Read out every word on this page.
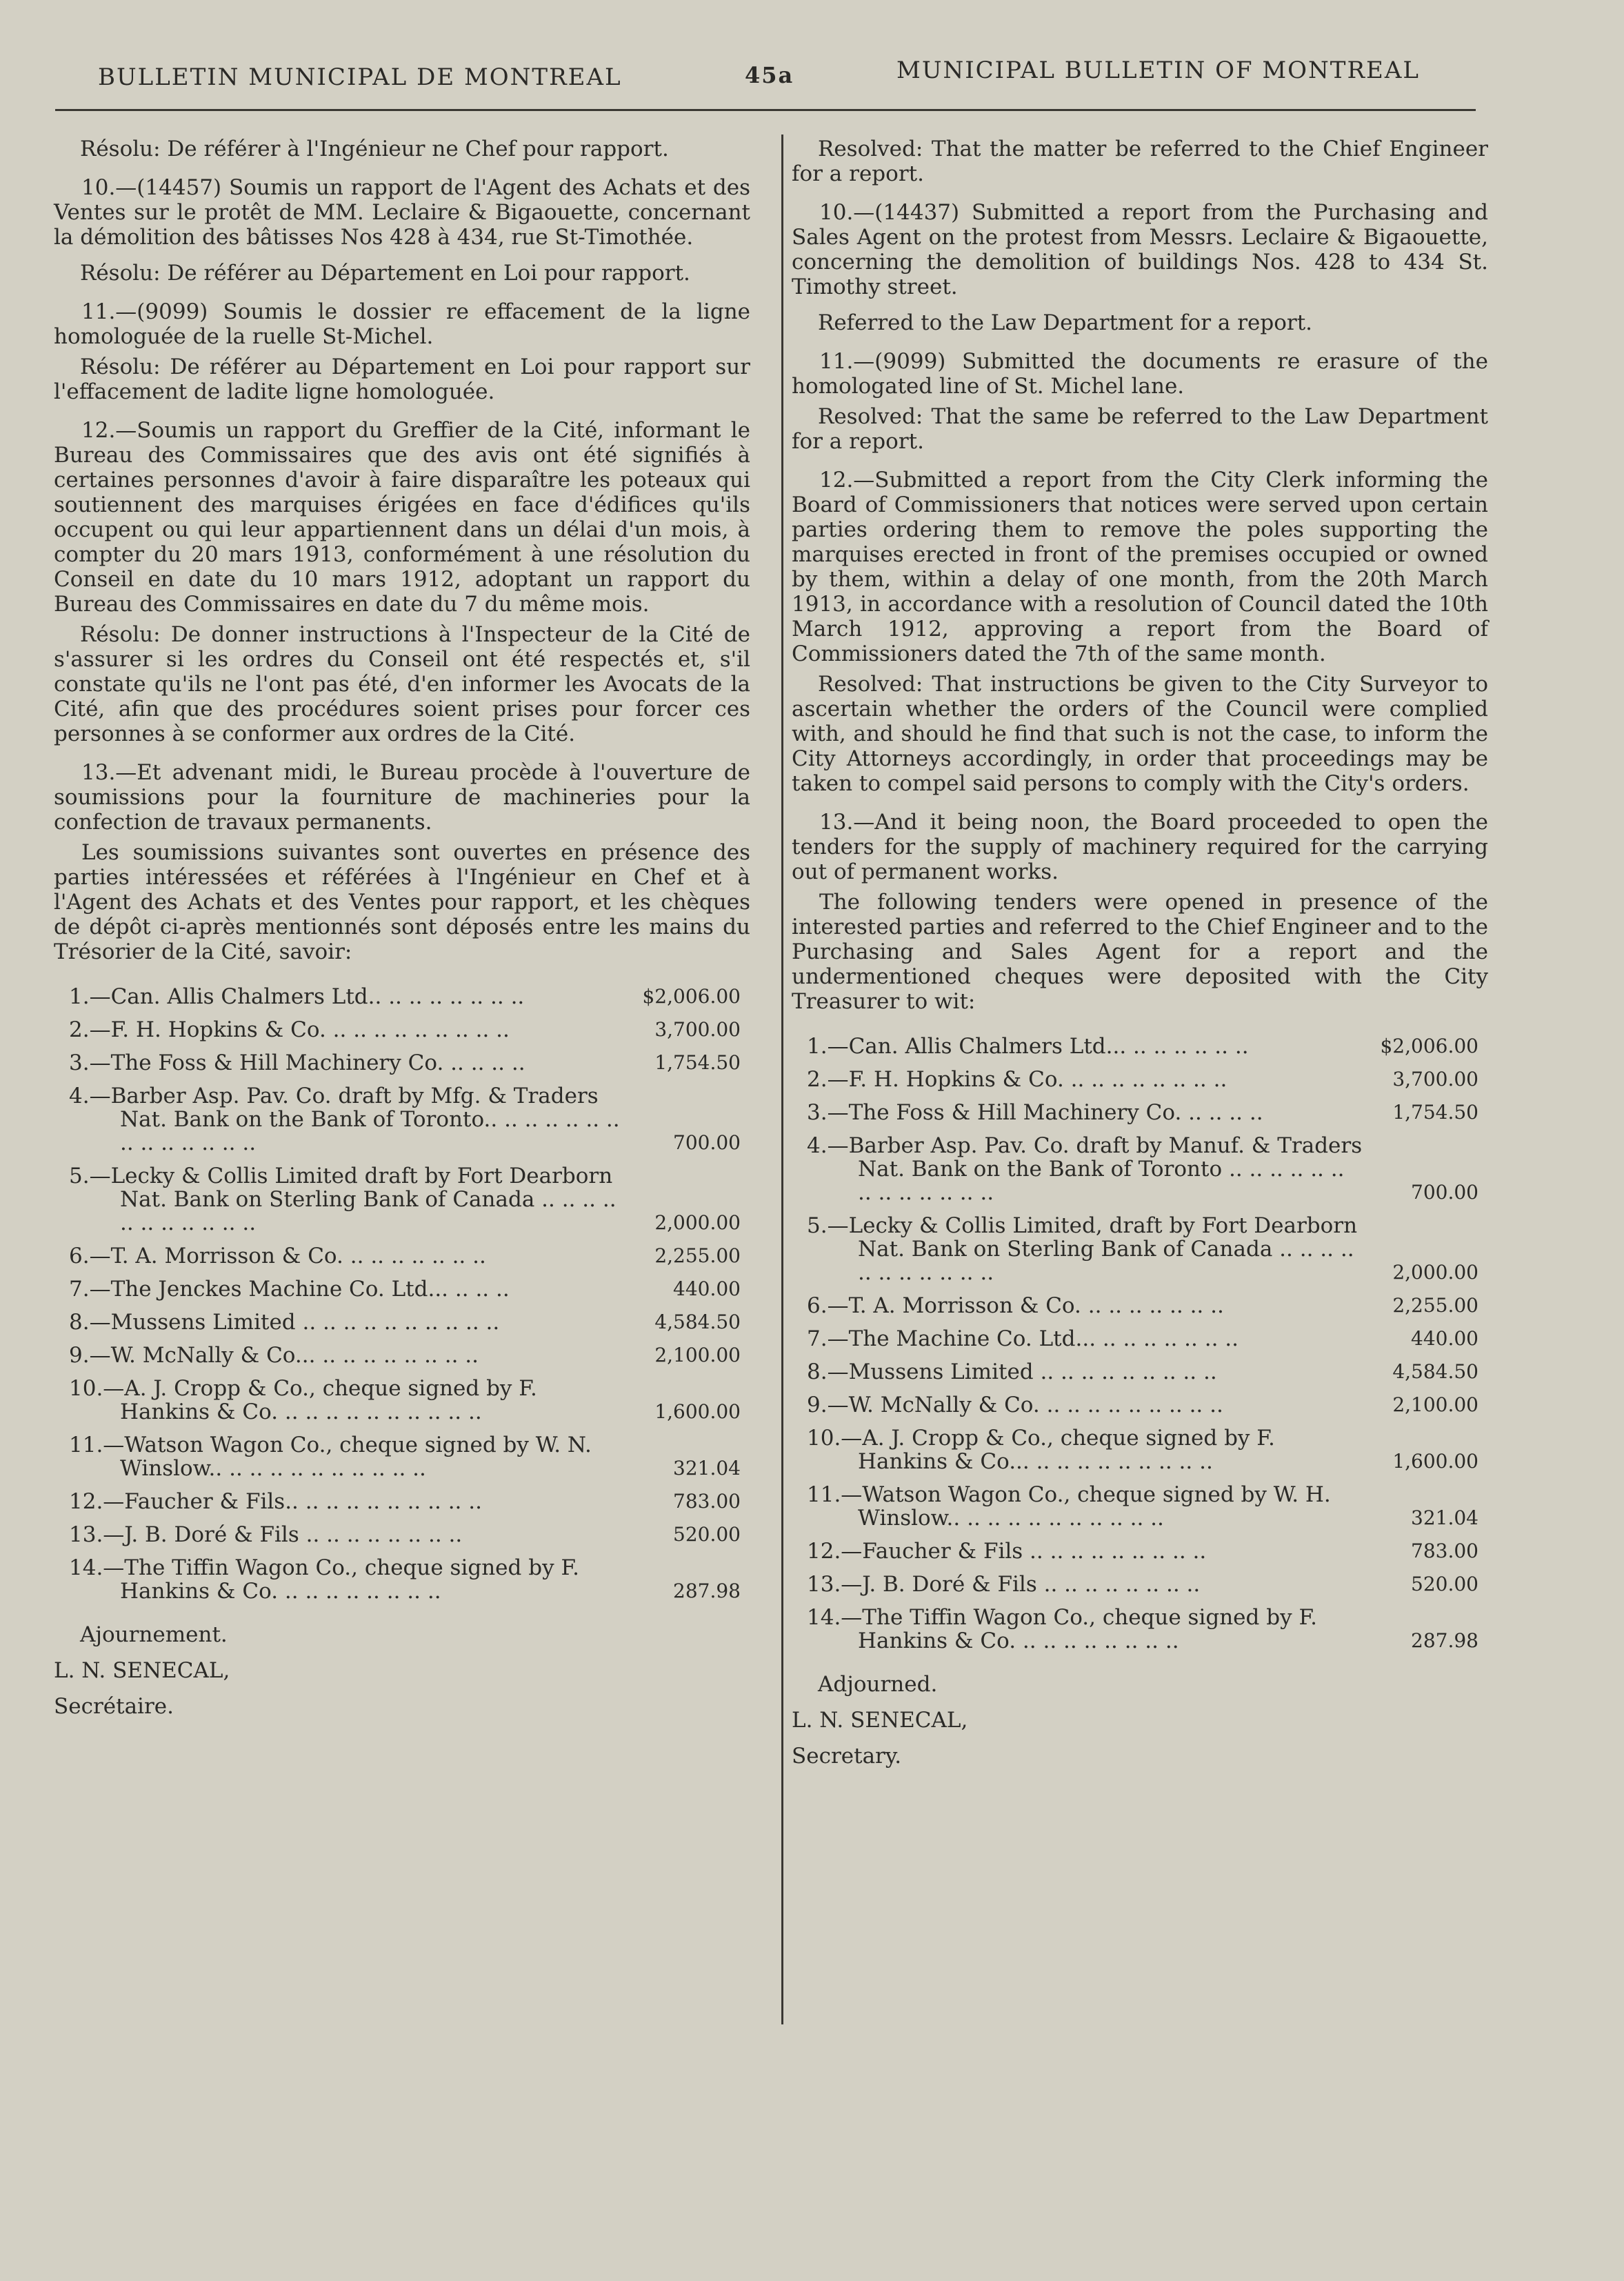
BULLETIN MUNICIPAL DE MONTREAL	45a	MUNICIPAL BULLETIN OF MONTREAL

Résolu: De référer à l'Ingénieur ne Chef pour rapport.

10.—(14457) Soumis un rapport de l'Agent des Achats et des Ventes sur le protêt de MM. Leclaire & Bigaouette, concernant la démolition des bâtisses Nos 428 à 434, rue St-Timothée.

Résolu: De référer au Département en Loi pour rapport.

11.—(9099) Soumis le dossier re effacement de la ligne homologuée de la ruelle St-Michel.

Résolu: De référer au Département en Loi pour rapport sur l'effacement de ladite ligne homologuée.

12.—Soumis un rapport du Greffier de la Cité, informant le Bureau des Commissaires que des avis ont été signifiés à certaines personnes d'avoir à faire disparaître les poteaux qui soutiennent des marquises érigées en face d'édifices qu'ils occupent ou qui leur appartiennent dans un délai d'un mois, à compter du 20 mars 1913, conformément à une résolution du Conseil en date du 10 mars 1912, adoptant un rapport du Bureau des Commissaires en date du 7 du même mois.

Résolu: De donner instructions à l'Inspecteur de la Cité de s'assurer si les ordres du Conseil ont été respectés et, s'il constate qu'ils ne l'ont pas été, d'en informer les Avocats de la Cité, afin que des procédures soient prises pour forcer ces personnes à se conformer aux ordres de la Cité.

13.—Et advenant midi, le Bureau procède à l'ouverture de soumissions pour la fourniture de machineries pour la confection de travaux permanents.

Les soumissions suivantes sont ouvertes en présence des parties intéressées et référées à l'Ingénieur en Chef et à l'Agent des Achats et des Ventes pour rapport, et les chèques de dépôt ci-après mentionnés sont déposés entre les mains du Trésorier de la Cité, savoir:

1.—Can. Allis Chalmers Ltd.. .. .. .. .. .. .. ..	$2,006.00

2.—F. H. Hopkins & Co. .. .. .. .. .. .. .. .. ..	3,700.00

3.—The Foss & Hill Machinery Co. .. .. .. ..	1,754.50

4.—Barber Asp. Pav. Co. draft by Mfg. & Traders Nat. Bank on the Bank of Toronto.. .. .. .. .. .. .. .. .. .. .. .. .. ..	700.00

5.—Lecky & Collis Limited draft by Fort Dearborn Nat. Bank on Sterling Bank of Canada .. .. .. .. .. .. .. .. .. .. ..	2,000.00

6.—T. A. Morrisson & Co. .. .. .. .. .. .. ..	2,255.00

7.—The Jenckes Machine Co. Ltd... .. .. ..	440.00

8.—Mussens Limited .. .. .. .. .. .. .. .. .. ..	4,584.50

9.—W. McNally & Co... .. .. .. .. .. .. .. ..	2,100.00

10.—A. J. Cropp & Co., cheque signed by F. Hankins & Co. .. .. .. .. .. .. .. .. .. ..	1,600.00

11.—Watson Wagon Co., cheque signed by W. N. Winslow.. .. .. .. .. .. .. .. .. .. ..	321.04

12.—Faucher & Fils.. .. .. .. .. .. .. .. .. ..	783.00

13.—J. B. Doré & Fils .. .. .. .. .. .. .. ..	520.00

14.—The Tiffin Wagon Co., cheque signed by F. Hankins & Co. .. .. .. .. .. .. .. ..	287.98

Ajournement.

L. N. SENECAL,

Secrétaire.

Resolved: That the matter be referred to the Chief Engineer for a report.

10.—(14437) Submitted a report from the Purchasing and Sales Agent on the protest from Messrs. Leclaire & Bigaouette, concerning the demolition of buildings Nos. 428 to 434 St. Timothy street.

Referred to the Law Department for a report.

11.—(9099) Submitted the documents re erasure of the homologated line of St. Michel lane.

Resolved: That the same be referred to the Law Department for a report.

12.—Submitted a report from the City Clerk informing the Board of Commissioners that notices were served upon certain parties ordering them to remove the poles supporting the marquises erected in front of the premises occupied or owned by them, within a delay of one month, from the 20th March 1913, in accordance with a resolution of Council dated the 10th March 1912, approving a report from the Board of Commissioners dated the 7th of the same month.

Resolved: That instructions be given to the City Surveyor to ascertain whether the orders of the Council were complied with, and should he find that such is not the case, to inform the City Attorneys accordingly, in order that proceedings may be taken to compel said persons to comply with the City's orders.

13.—And it being noon, the Board proceeded to open the tenders for the supply of machinery required for the carrying out of permanent works.

The following tenders were opened in presence of the interested parties and referred to the Chief Engineer and to the Purchasing and Sales Agent for a report and the undermentioned cheques were deposited with the City Treasurer to wit:

1.—Can. Allis Chalmers Ltd... .. .. .. .. .. ..	$2,006.00

2.—F. H. Hopkins & Co. .. .. .. .. .. .. .. ..	3,700.00

3.—The Foss & Hill Machinery Co. .. .. .. ..	1,754.50

4.—Barber Asp. Pav. Co. draft by Manuf. & Traders Nat. Bank on the Bank of Toronto .. .. .. .. .. .. .. .. .. .. .. .. ..	700.00

5.—Lecky & Collis Limited, draft by Fort Dearborn Nat. Bank on Sterling Bank of Canada .. .. .. .. .. .. .. .. .. .. ..	2,000.00

6.—T. A. Morrisson & Co. .. .. .. .. .. .. ..	2,255.00

7.—The Machine Co. Ltd... .. .. .. .. .. .. ..	440.00

8.—Mussens Limited .. .. .. .. .. .. .. .. ..	4,584.50

9.—W. McNally & Co. .. .. .. .. .. .. .. .. ..	2,100.00

10.—A. J. Cropp & Co., cheque signed by F. Hankins & Co... .. .. .. .. .. .. .. .. ..	1,600.00

11.—Watson Wagon Co., cheque signed by W. H. Winslow.. .. .. .. .. .. .. .. .. .. ..	321.04

12.—Faucher & Fils .. .. .. .. .. .. .. .. ..	783.00

13.—J. B. Doré & Fils .. .. .. .. .. .. .. ..	520.00

14.—The Tiffin Wagon Co., cheque signed by F. Hankins & Co. .. .. .. .. .. .. .. ..	287.98

Adjourned.

L. N. SENECAL,

Secretary.
